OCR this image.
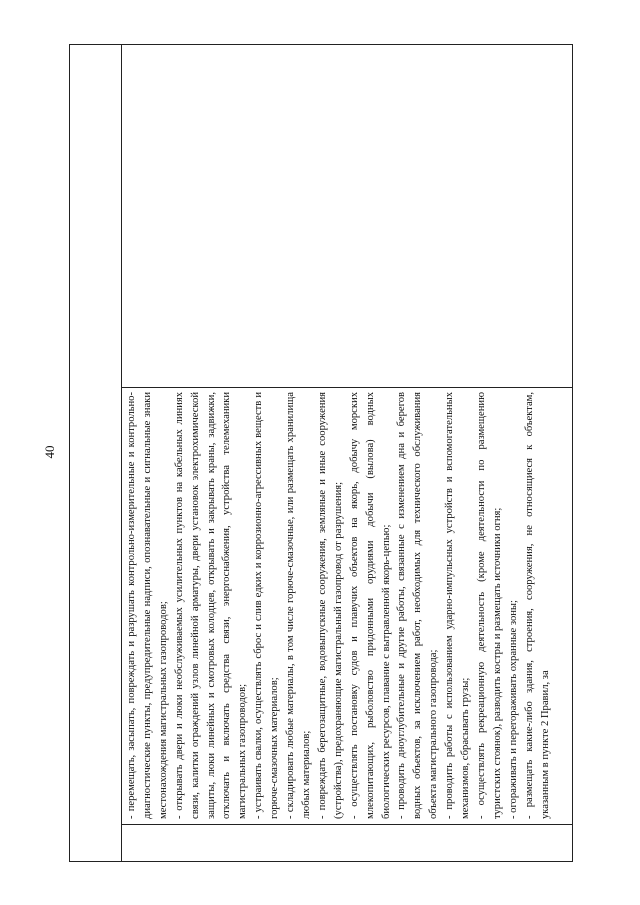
40	- перемещать, засыпать, повреждать и разрушать контрольно-измерительные и контрольно-диагностические пункты, предупредительные надписи, опознавательные и сигнальные знаки местонахождения магистральных газопроводов; - открывать двери и люки необслуживаемых усилительных пунктов на кабельных линиях связи, калитки ограждений узлов линейной арматуры, двери установок электрохимической защиты, люки линейных и смотровых колодцев, открывать и закрывать краны, задвижки, отключать и включать средства связи, энергоснабжения, устройства телемеханики магистральных газопроводов; - устраивать свалки, осуществлять сброс и слив едких и коррозионно-агрессивных веществ и горюче-смазочных материалов; - складировать любые материалы, в том числе горюче-смазочные, или размещать хранилища любых материалов; - повреждать берегозащитные, водовыпускные сооружения, земляные и иные сооружения (устройства), предохраняющие магистральный газопровод от разрушения; - осуществлять постановку судов и плавучих объектов на якорь, добычу морских млекопитающих, рыболовство придонными орудиями добычи (вылова) водных биологических ресурсов, плавание с вытравленной якорь-цепью; - проводить дноуглубительные и другие работы, связанные с изменением дна и берегов водных объектов, за исключением работ, необходимых для технического обслуживания объекта магистрального газопровода; - проводить работы с использованием ударно-импульсных устройств и вспомогательных механизмов, сбрасывать грузы; - осуществлять рекреационную деятельность (кроме деятельности по размещению туристских стоянок), разводить костры и размещать источники огня; - огораживать и перегораживать охранные зоны; - размещать какие-либо здания, строения, сооружения, не относящиеся к объектам, указанным в пункте 2 Правил, за
